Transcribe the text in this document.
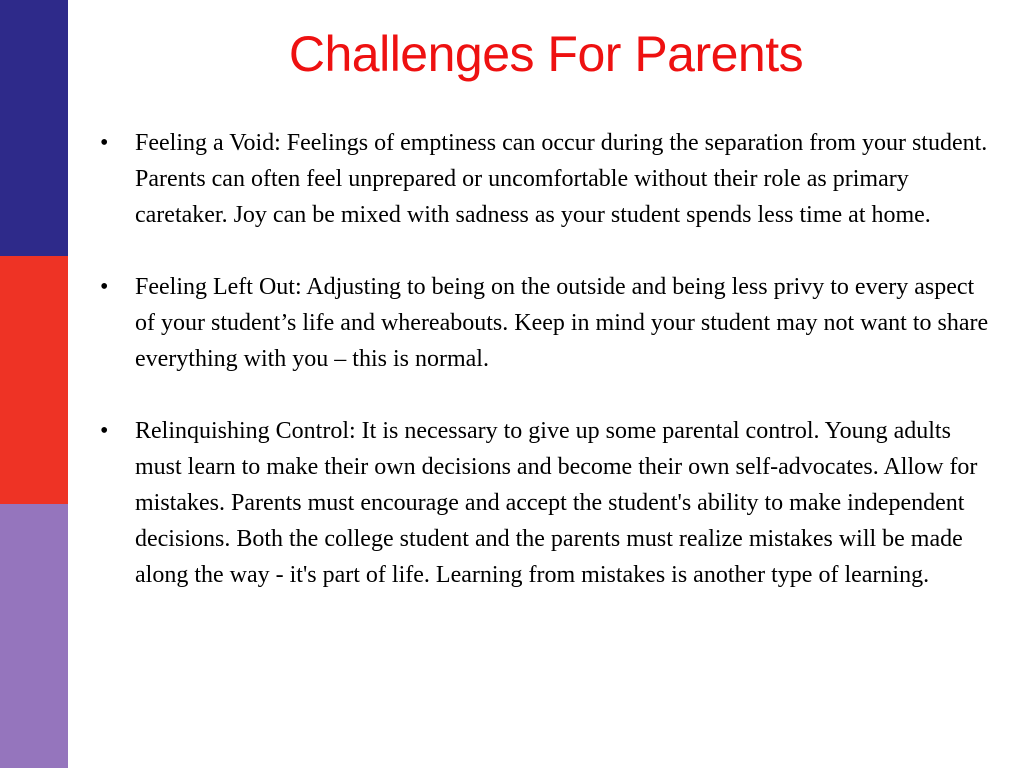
Challenges For Parents
• Feeling a Void: Feelings of emptiness can occur during the separation from your student. Parents can often feel unprepared or uncomfortable without their role as primary caretaker. Joy can be mixed with sadness as your student spends less time at home.
• Feeling Left Out: Adjusting to being on the outside and being less privy to every aspect of your student’s life and whereabouts. Keep in mind your student may not want to share everything with you – this is normal.
• Relinquishing Control: It is necessary to give up some parental control. Young adults must learn to make their own decisions and become their own self-advocates. Allow for mistakes. Parents must encourage and accept the student's ability to make independent decisions. Both the college student and the parents must realize mistakes will be made along the way - it's part of life. Learning from mistakes is another type of learning.
